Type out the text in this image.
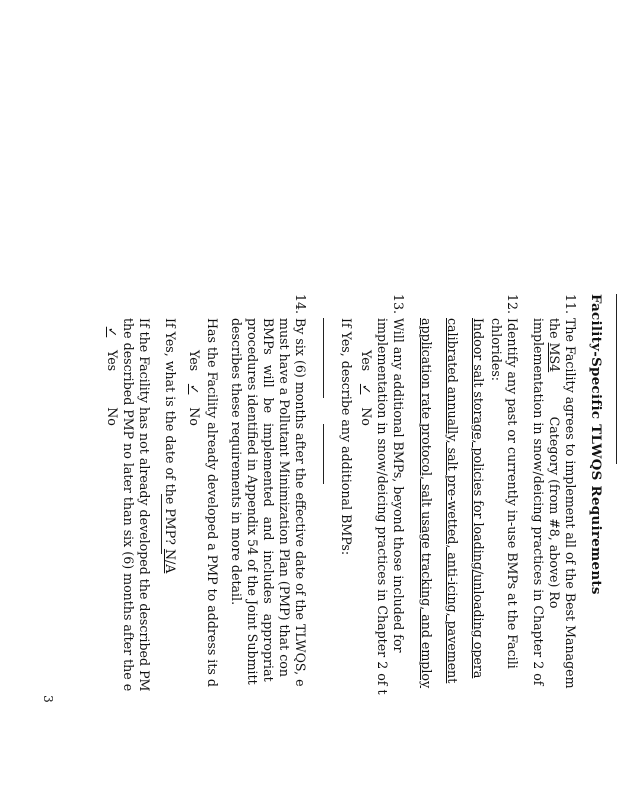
Facility-Specific TLWQS Requirements
11. The Facility agrees to implement all of the Best Managem
the MS4 Category (from #8, above) Ro
implementation in snow/deicing practices in Chapter 2 of
12. Identify any past or currently in-use BMPs at the Facili
chlorides:
Indoor salt storage, policies for loading/unloading opera
calibrated annually, salt pre-wetted, anti-icing, pavement
application rate protocol, salt usage tracking, and employ
13. Will any additional BMPs, beyond those included for
implementation in snow/deicing practices in Chapter 2 of t
Yes ✓ No
If Yes, describe any additional BMPs:
14. By six (6) months after the effective date of the TLWQS, e
must have a Pollutant Minimization Plan (PMP) that con
BMPs will be implemented and includes appropriat
procedures identified in Appendix 54 of the Joint Submitt
describes these requirements in more detail.
Has the Facility already developed a PMP to address its d
Yes ✓ No
If Yes, what is the date of the PMP? N/A
If the Facility has not already developed the described PM
the described PMP no later than six (6) months after the e
✓ Yes  No
3
